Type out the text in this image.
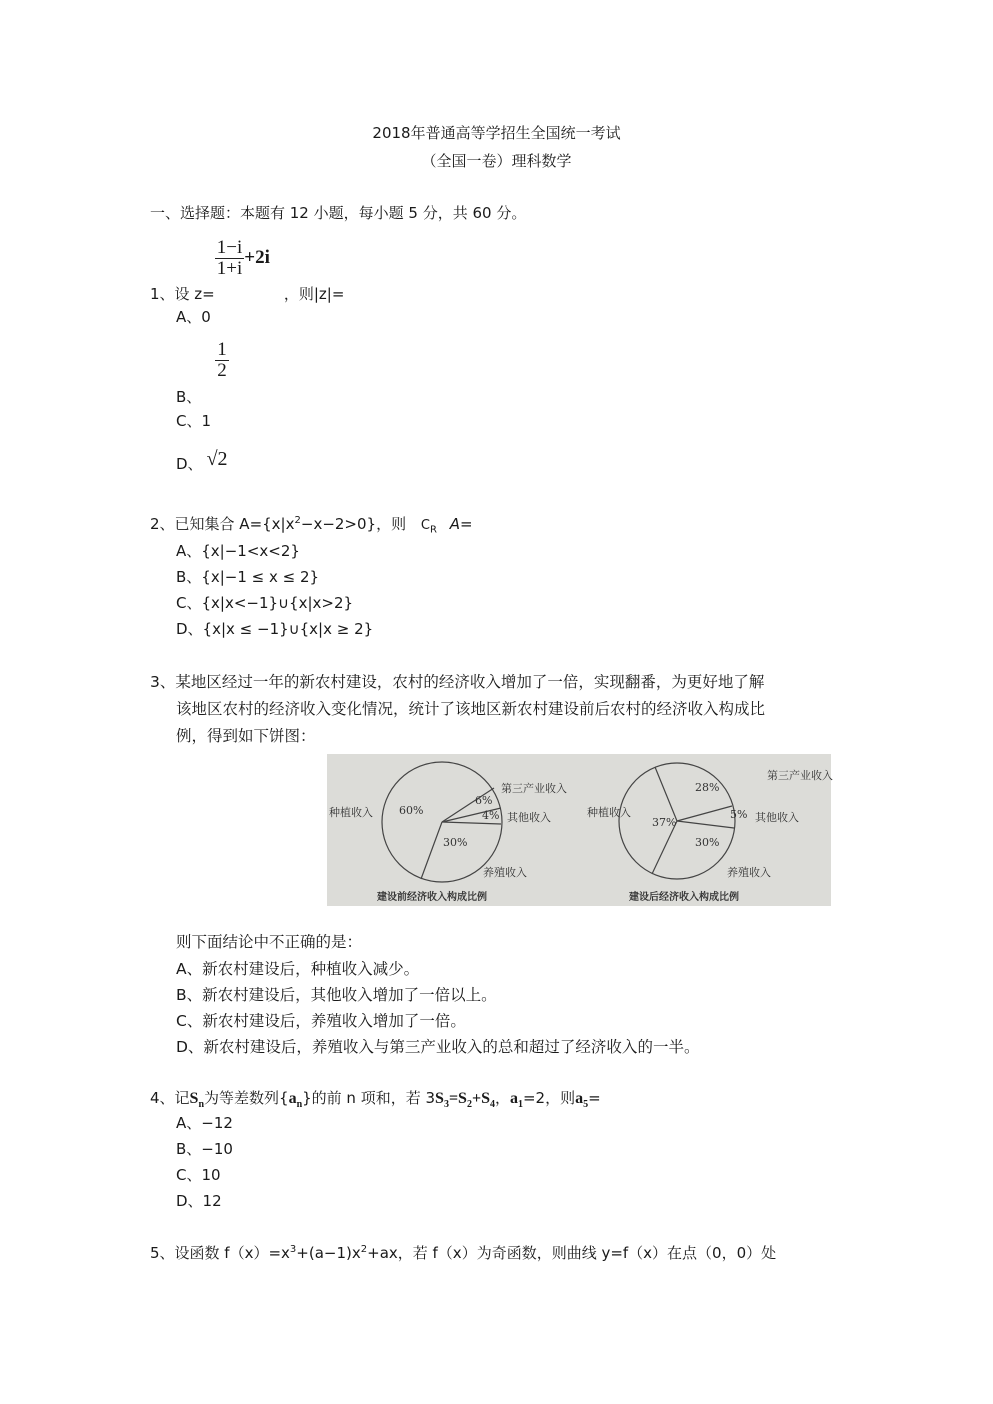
2018年普通高等学招生全国统一考试
（全国一卷）理科数学
一、选择题：本题有 12 小题，每小题 5 分，共 60 分。
1、设 z=
$\frac{1-i}{1+i} +2i$，则|z|=
A、0
B、
$\frac{1}{2}$
C、1
D、 √2
2、已知集合 $A=\{x|x^2-x-2>0\}$，则 $C_R$ A=
A、{x|−1<x<2}
B、{x|−1 ≤ x ≤ 2}
C、{x|x<−1}∪{x|x>2}
D、{x|x ≤ −1}∪{x|x ≥ 2}
3、某地区经过一年的新农村建设，农村的经济收入增加了一倍，实现翻番，为更好地了解
该地区农村的经济收入变化情况，统计了该地区新农村建设前后农村的经济收入构成比
例，得到如下饼图：
种植收入 60%
第三产业收入
6%
其他收入
4%
30%
养殖收入
建设前经济收入构成比例
种植收入
37%
第三产业收入
28%
其他收入
5%
30%
养殖收入
建设后经济收入构成比例
则下面结论中不正确的是：
A、新农村建设后，种植收入减少。
B、新农村建设后，其他收入增加了一倍以上。
C、新农村建设后，养殖收入增加了一倍。
D、新农村建设后，养殖收入与第三产业收入的总和超过了经济收入的一半。
4、记$S_n$为等差数列$\{a_n\}$的前 n 项和，若 $3S_3=S_2+S_4$，$a_1=2$，则$a_5=$
A、−12
B、−10
C、10
D、12
5、设函数 $f(x)=x^3+(a-1)x^2+ax$，若 f（x）为奇函数，则曲线 y=f（x）在点（0，0）处
